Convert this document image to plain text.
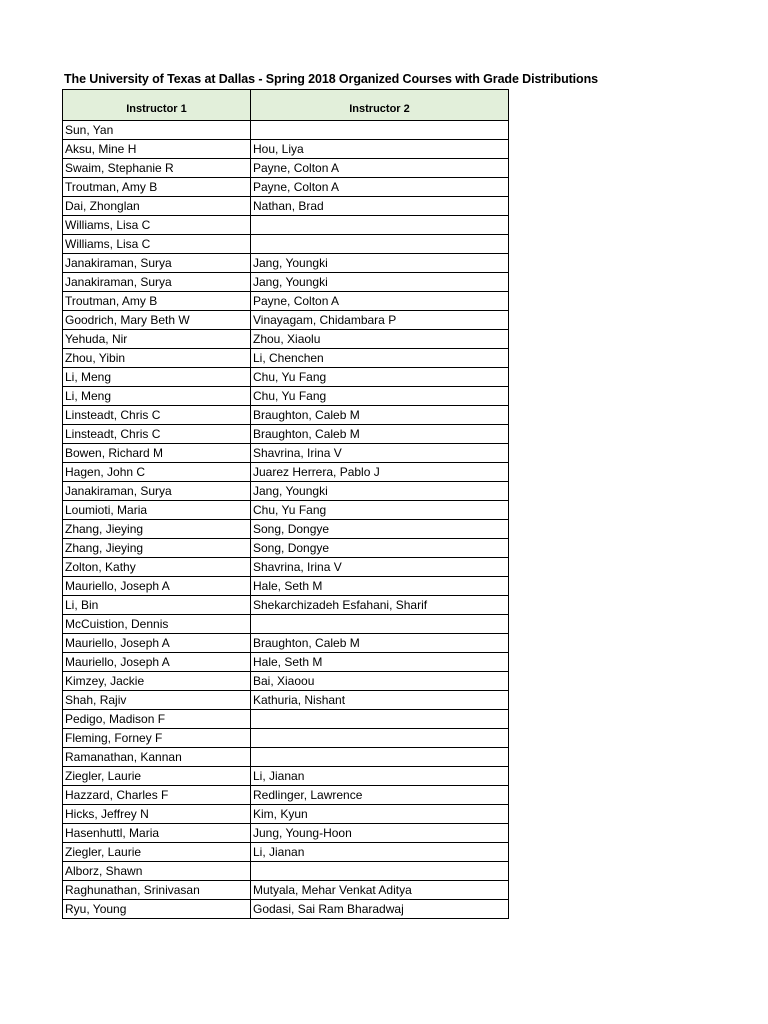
The University of Texas at Dallas - Spring 2018 Organized Courses with Grade Distributions
Instructor 1	Instructor 2
Sun, Yan	
Aksu, Mine H	Hou, Liya
Swaim, Stephanie R	Payne, Colton A
Troutman, Amy B	Payne, Colton A
Dai, Zhonglan	Nathan, Brad
Williams, Lisa C	
Williams, Lisa C	
Janakiraman, Surya	Jang, Youngki
Janakiraman, Surya	Jang, Youngki
Troutman, Amy B	Payne, Colton A
Goodrich, Mary Beth W	Vinayagam, Chidambara P
Yehuda, Nir	Zhou, Xiaolu
Zhou, Yibin	Li, Chenchen
Li, Meng	Chu, Yu Fang
Li, Meng	Chu, Yu Fang
Linsteadt, Chris C	Braughton, Caleb M
Linsteadt, Chris C	Braughton, Caleb M
Bowen, Richard M	Shavrina, Irina V
Hagen, John C	Juarez Herrera, Pablo J
Janakiraman, Surya	Jang, Youngki
Loumioti, Maria	Chu, Yu Fang
Zhang, Jieying	Song, Dongye
Zhang, Jieying	Song, Dongye
Zolton, Kathy	Shavrina, Irina V
Mauriello, Joseph A	Hale, Seth M
Li, Bin	Shekarchizadeh Esfahani, Sharif
McCuistion, Dennis	
Mauriello, Joseph A	Braughton, Caleb M
Mauriello, Joseph A	Hale, Seth M
Kimzey, Jackie	Bai, Xiaoou
Shah, Rajiv	Kathuria, Nishant
Pedigo, Madison F	
Fleming, Forney F	
Ramanathan, Kannan	
Ziegler, Laurie	Li, Jianan
Hazzard, Charles F	Redlinger, Lawrence
Hicks, Jeffrey N	Kim, Kyun
Hasenhuttl, Maria	Jung, Young-Hoon
Ziegler, Laurie	Li, Jianan
Alborz, Shawn	
Raghunathan, Srinivasan	Mutyala, Mehar Venkat Aditya
Ryu, Young	Godasi, Sai Ram Bharadwaj
